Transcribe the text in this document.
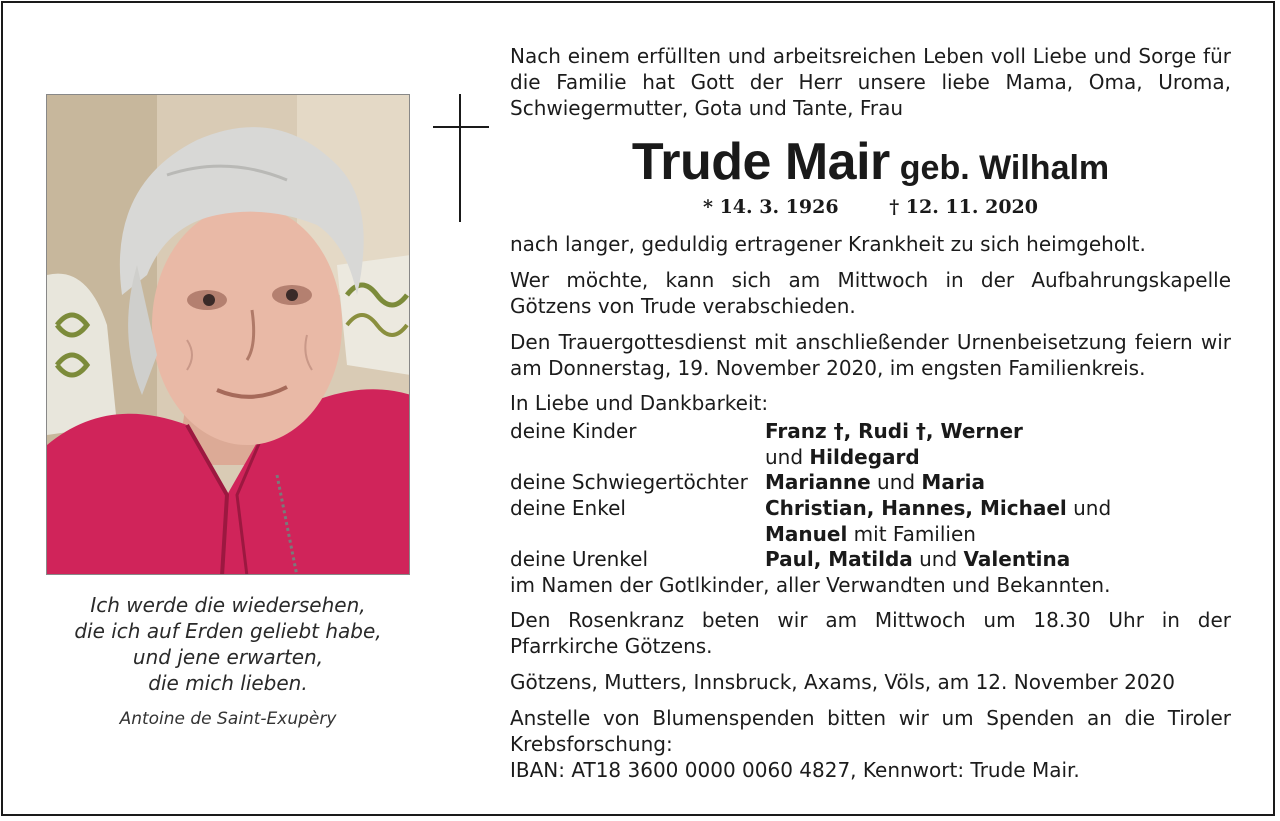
Ich werde die wiedersehen,
die ich auf Erden geliebt habe,
und jene erwarten,
die mich lieben.
Antoine de Saint-Exupèry
Nach einem erfüllten und arbeitsreichen Leben voll Liebe und Sorge für die Familie hat Gott der Herr unsere liebe Mama, Oma, Uroma, Schwiegermutter, Gota und Tante, Frau
Trude Mair geb. Wilhalm
* 14. 3. 1926	† 12. 11. 2020
nach langer, geduldig ertragener Krankheit zu sich heimgeholt.
Wer möchte, kann sich am Mittwoch in der Aufbahrungskapelle Götzens von Trude verabschieden.
Den Trauergottesdienst mit anschließender Urnenbeisetzung feiern wir am Donnerstag, 19. November 2020, im engsten Familienkreis.
In Liebe und Dankbarkeit:
deine Kinder	Franz †, Rudi †, Werner
und Hildegard
deine Schwiegertöchter Marianne und Maria
deine Enkel	Christian, Hannes, Michael und
Manuel mit Familien
deine Urenkel	Paul, Matilda und Valentina
im Namen der Gotlkinder, aller Verwandten und Bekannten.
Den Rosenkranz beten wir am Mittwoch um 18.30 Uhr in der Pfarrkirche Götzens.
Götzens, Mutters, Innsbruck, Axams, Völs, am 12. November 2020
Anstelle von Blumenspenden bitten wir um Spenden an die Tiroler Krebsforschung:
IBAN: AT18 3600 0000 0060 4827, Kennwort: Trude Mair.
